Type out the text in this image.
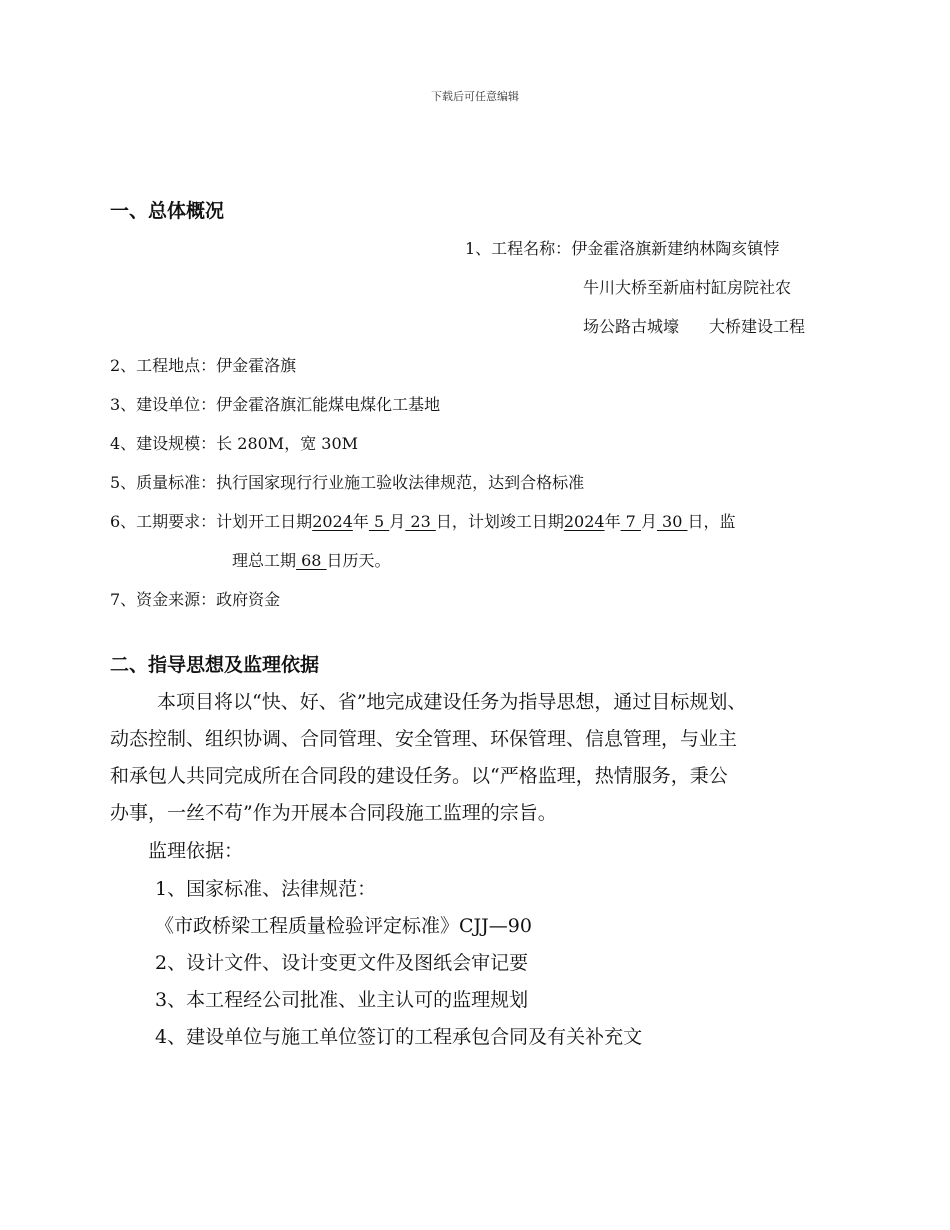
下载后可任意编辑
一、总体概况
1、工程名称：伊金霍洛旗新建纳林陶亥镇悖
牛川大桥至新庙村缸房院社农
场公路古城壕 大桥建设工程
2、工程地点：伊金霍洛旗
3、建设单位：伊金霍洛旗汇能煤电煤化工基地
4、建设规模：长 280M，宽 30M
5、质量标准：执行国家现行行业施工验收法律规范，达到合格标准
6、工期要求：计划开工日期2024年 5 月 23 日，计划竣工日期2024年 7 月 30 日，监
理总工期 68 日历天。
7、资金来源：政府资金
二、指导思想及监理依据
本项目将以“快、好、省”地完成建设任务为指导思想，通过目标规划、
动态控制、组织协调、合同管理、安全管理、环保管理、信息管理，与业主
和承包人共同完成所在合同段的建设任务。以“严格监理，热情服务，秉公
办事，一丝不苟”作为开展本合同段施工监理的宗旨。
监理依据：
1、国家标准、法律规范：
《市政桥梁工程质量检验评定标准》CJJ—90
2、设计文件、设计变更文件及图纸会审记要
3、本工程经公司批准、业主认可的监理规划
4、建设单位与施工单位签订的工程承包合同及有关补充文
